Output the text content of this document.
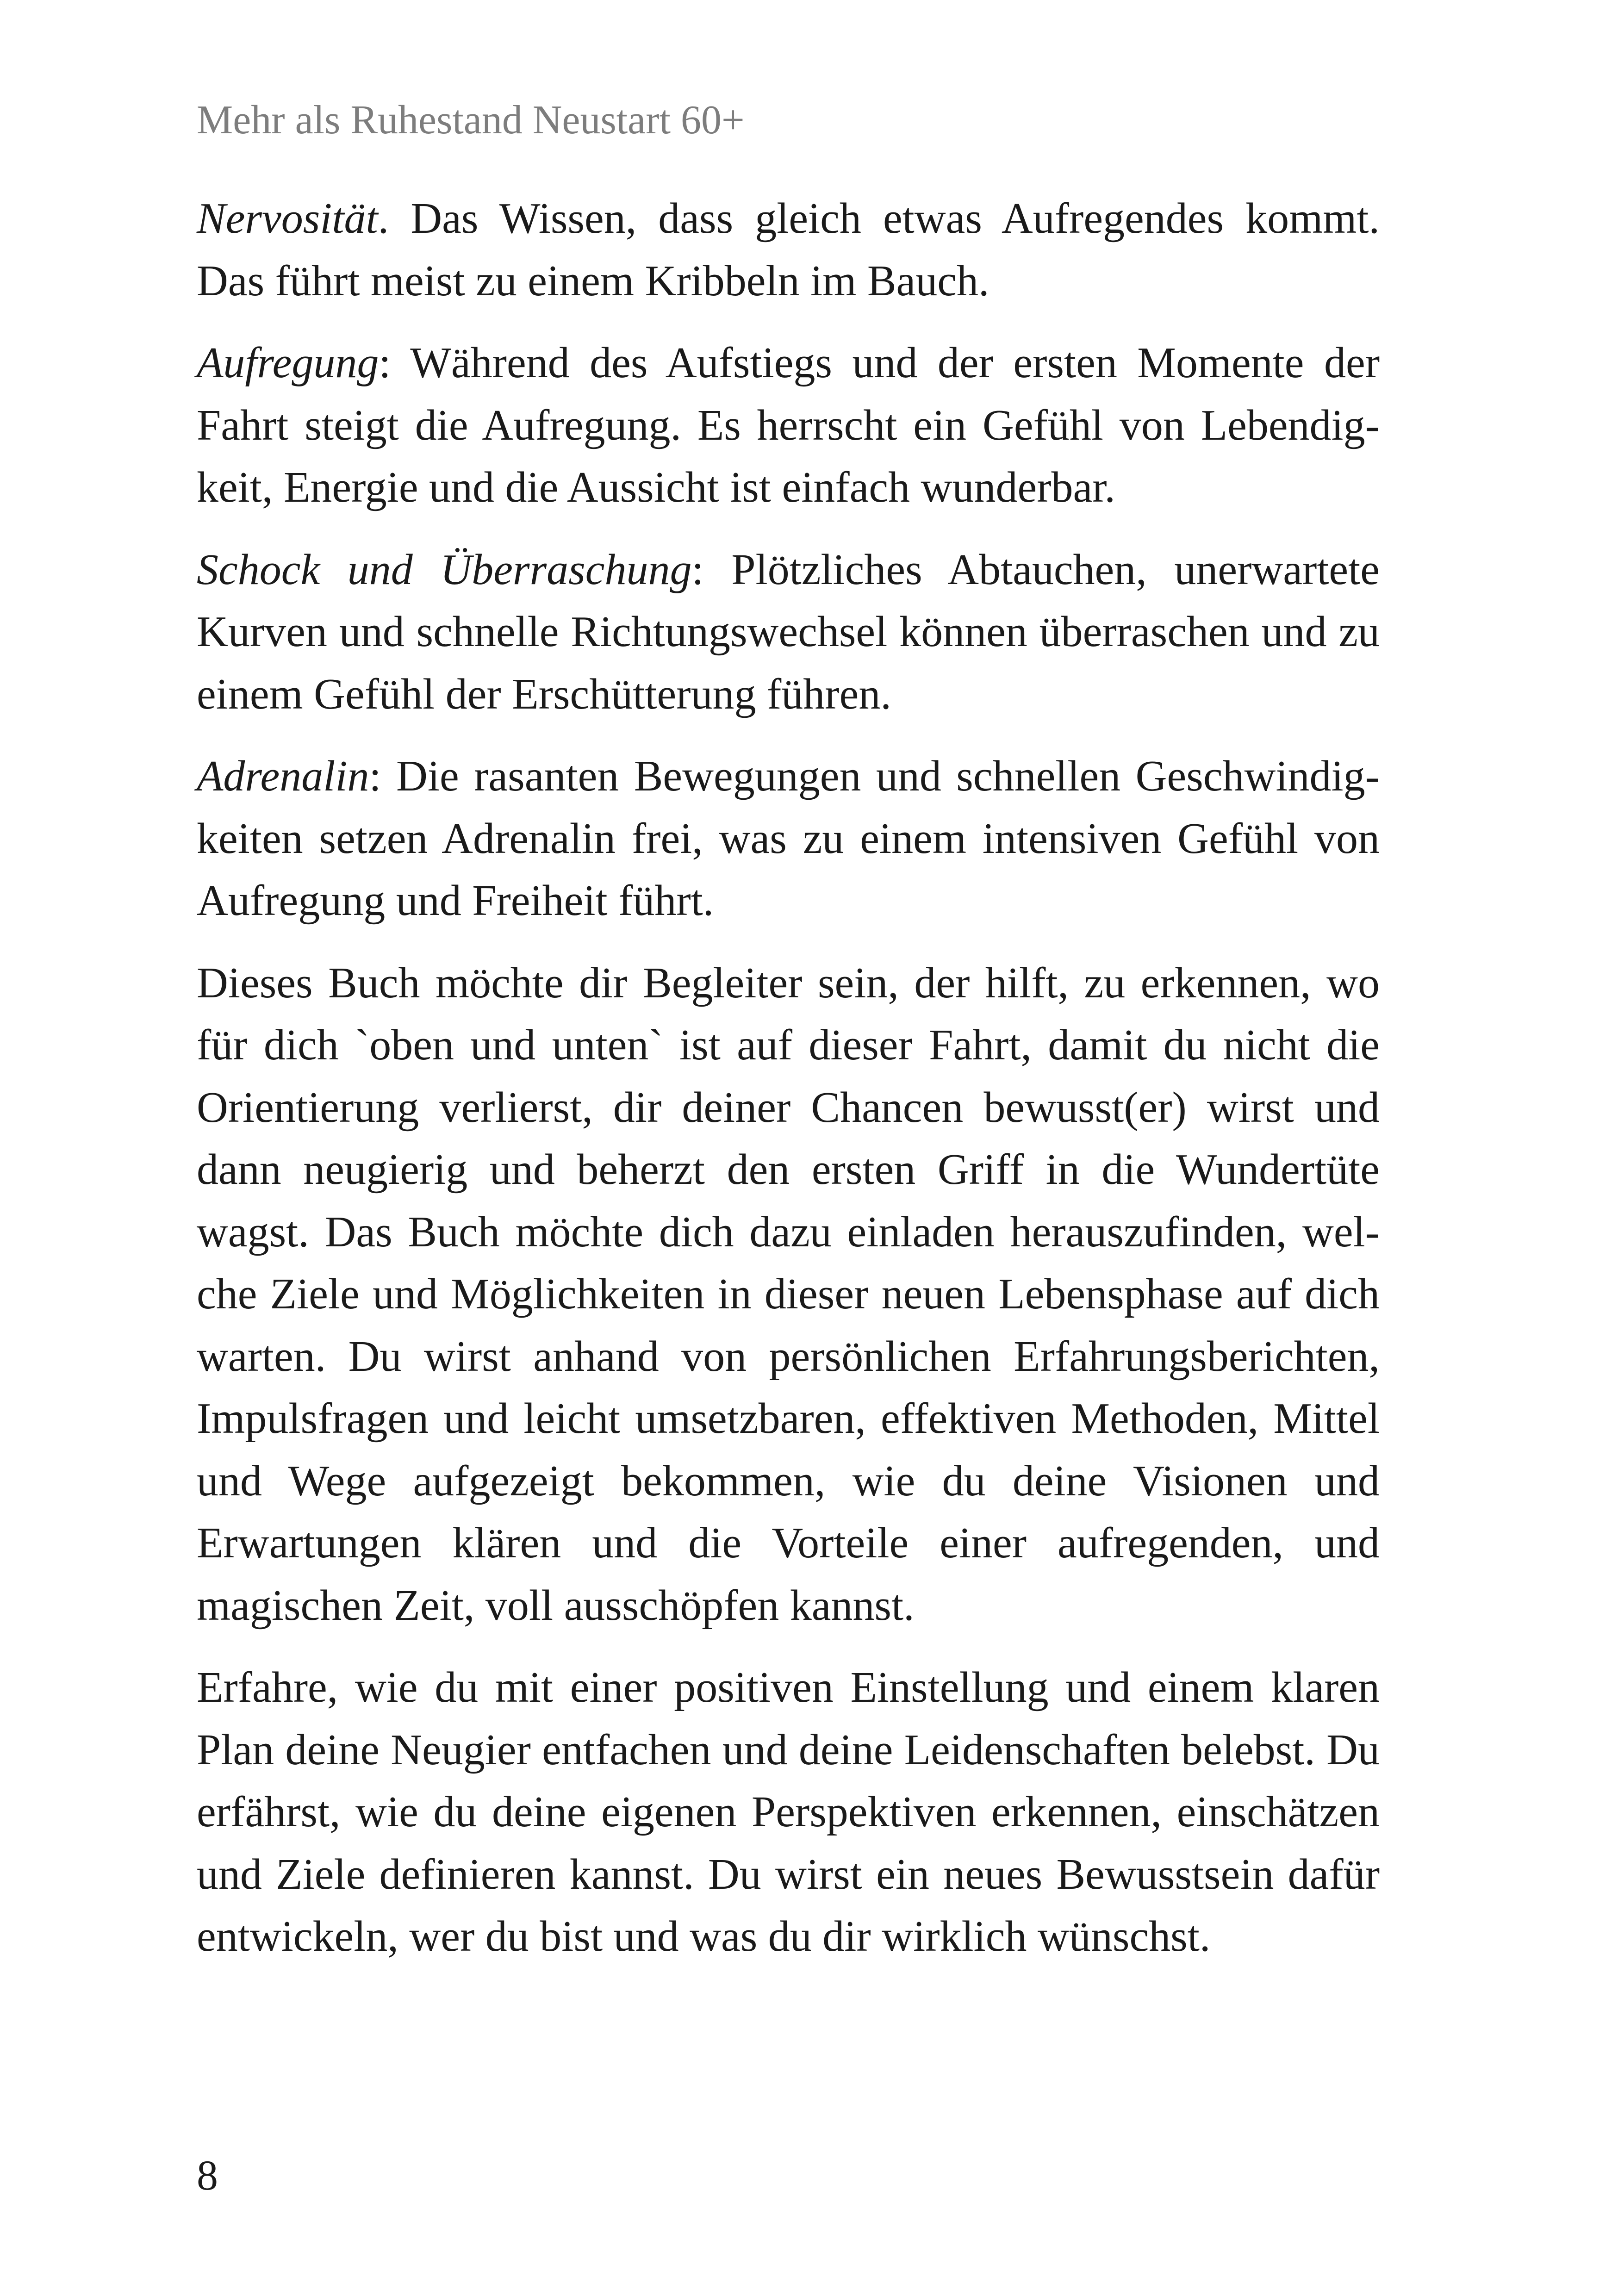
Mehr als Ruhestand Neustart 60+

Nervosität. Das Wissen, dass gleich etwas Aufregendes kommt. Das führt meist zu einem Kribbeln im Bauch.

Aufregung: Während des Aufstiegs und der ersten Momente der Fahrt steigt die Aufregung. Es herrscht ein Gefühl von Lebendigkeit, Energie und die Aussicht ist einfach wunderbar.

Schock und Überraschung: Plötzliches Abtauchen, unerwartete Kurven und schnelle Richtungswechsel können überraschen und zu einem Gefühl der Erschütterung führen.

Adrenalin: Die rasanten Bewegungen und schnellen Geschwindigkeiten setzen Adrenalin frei, was zu einem intensiven Gefühl von Aufregung und Freiheit führt.

Dieses Buch möchte dir Begleiter sein, der hilft, zu erkennen, wo für dich `oben und unten` ist auf dieser Fahrt, damit du nicht die Orientierung verlierst, dir deiner Chancen bewusst(er) wirst und dann neugierig und beherzt den ersten Griff in die Wundertüte wagst. Das Buch möchte dich dazu einladen herauszufinden, welche Ziele und Möglichkeiten in dieser neuen Lebensphase auf dich warten. Du wirst anhand von persönlichen Erfahrungsberichten, Impulsfragen und leicht umsetzbaren, effektiven Methoden, Mittel und Wege aufgezeigt bekommen, wie du deine Visionen und Erwartungen klären und die Vorteile einer aufregenden, und magischen Zeit, voll ausschöpfen kannst.

Erfahre, wie du mit einer positiven Einstellung und einem klaren Plan deine Neugier entfachen und deine Leidenschaften belebst. Du erfährst, wie du deine eigenen Perspektiven erkennen, einschätzen und Ziele definieren kannst. Du wirst ein neues Bewusstsein dafür entwickeln, wer du bist und was du dir wirklich wünschst.

8
